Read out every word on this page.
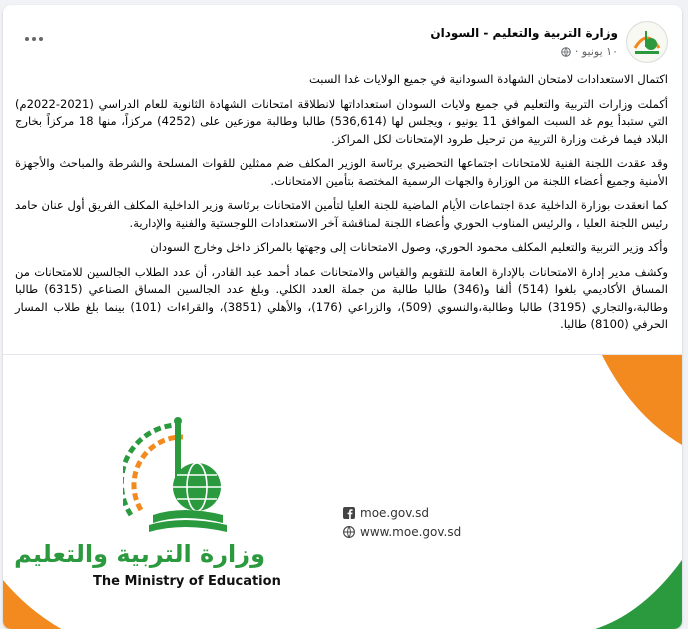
وزارة التربية والتعليم - السودان
١٠ يونيو ·

اكتمال الاستعدادات لامتحان الشهادة السودانية في جميع الولايات غدا السبت

أكملت وزارات التربية والتعليم في جميع ولايات السودان استعداداتها لانطلاقة امتحانات الشهادة الثانوية للعام الدراسي (2021-2022م) التي ستبدأ يوم غد السبت الموافق 11 يونيو ، ويجلس لها (536,614) طالبا وطالبة موزعين على (4252) مركزاً، منها 18 مركزاً بخارج البلاد فيما فرغت وزارة التربية من ترحيل طرود الإمتحانات لكل المراكز.

وقد عقدت اللجنة الفنية للامتحانات اجتماعها التحضيري برئاسة الوزير المكلف ضم ممثلين للقوات المسلحة والشرطة والمباحث والأجهزة الأمنية وجميع أعضاء اللجنة من الوزارة والجهات الرسمية المختصة بتأمين الامتحانات.

كما انعقدت بوزارة الداخلية عدة اجتماعات الأيام الماضية للجنة العليا لتأمين الامتحانات برئاسة وزير الداخلية المكلف الفريق أول عنان حامد رئيس اللجنة العليا ، والرئيس المناوب الحوري وأعضاء اللجنة لمناقشة آخر الاستعدادات اللوجستية والفنية والإدارية.

وأكد وزير التربية والتعليم المكلف محمود الحوري، وصول الامتحانات إلى وجهتها بالمراكز داخل وخارج السودان

وكشف مدير إدارة الامتحانات بالإدارة العامة للتقويم والقياس والامتحانات عماد أحمد عبد القادر، أن عدد الطلاب الجالسين للامتحانات من المساق الأكاديمي بلغوا (514) ألفا و(346) طالبا طالبة من جملة العدد الكلي. وبلغ عدد الجالسين المساق الصناعي (6315) طالبا وطالبة،والتجاري (3195) طالبا وطالبة،والنسوي (509)، والزراعي (176)، والأهلي (3851)، والقراءات (101) بينما بلغ طلاب المسار الحرفي (8100) طالبا.

وزارة التربية والتعليم
The Ministry of Education
moe.gov.sd
www.moe.gov.sd
